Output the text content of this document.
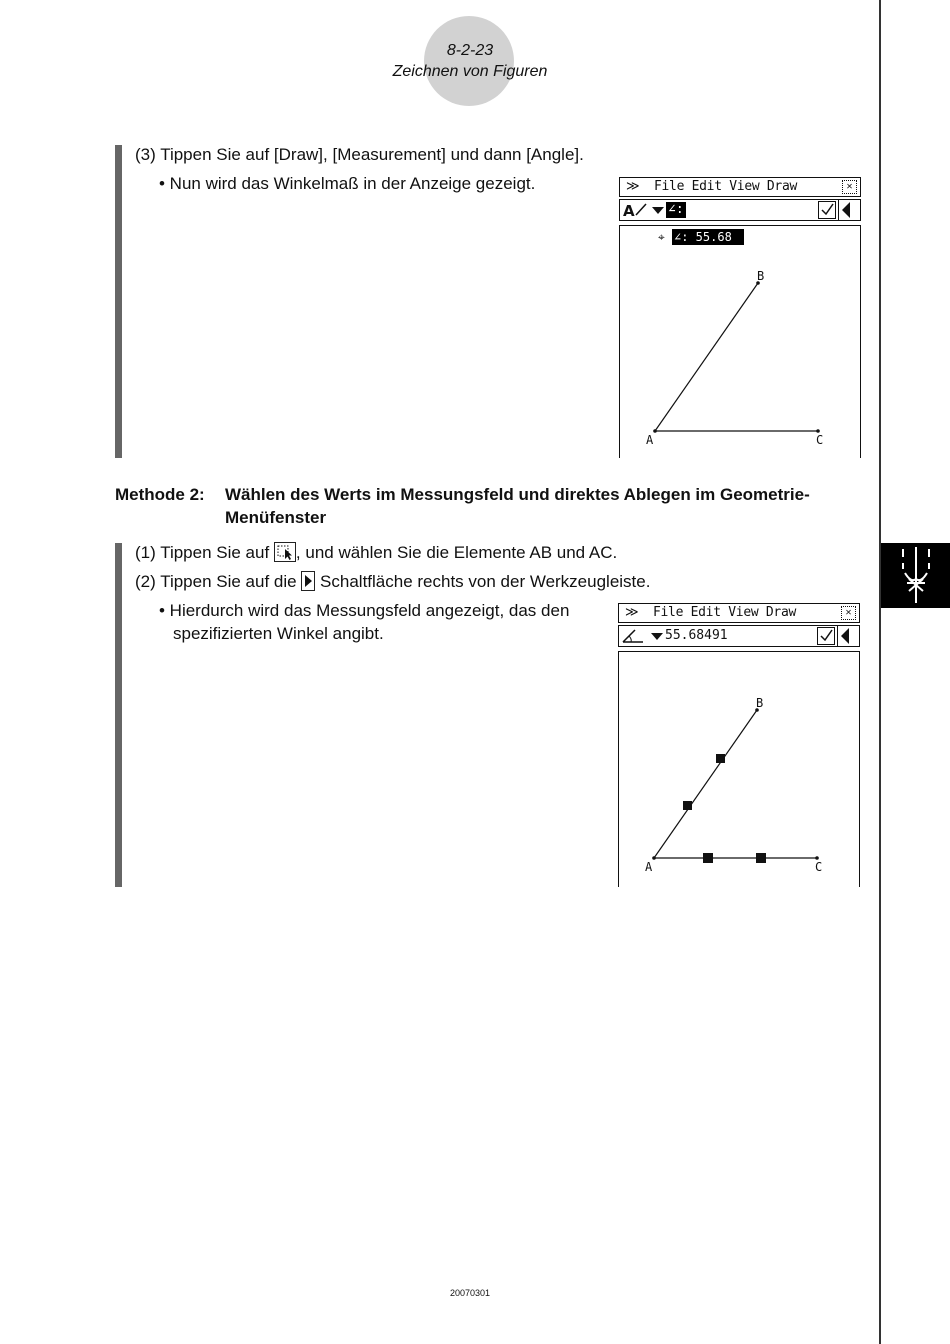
8-2-23
Zeichnen von Figuren
(3) Tippen Sie auf [Draw], [Measurement] und dann [Angle].
• Nun wird das Winkelmaß in der Anzeige gezeigt.	≫ File Edit View Draw	✕
A	∠:
⌖ ∠: 55.68
A
B
C
Methode 2: Wählen des Werts im Messungsfeld und direktes Ablegen im Geometrie-
Menüfenster
(1) Tippen Sie auf , und wählen Sie die Elemente AB und AC.
(2) Tippen Sie auf die  Schaltfläche rechts von der Werkzeugleiste.
• Hierdurch wird das Messungsfeld angezeigt, das den
spezifizierten Winkel angibt.
≫ File Edit View Draw	✕
55.68491
A
B
C
20070301
